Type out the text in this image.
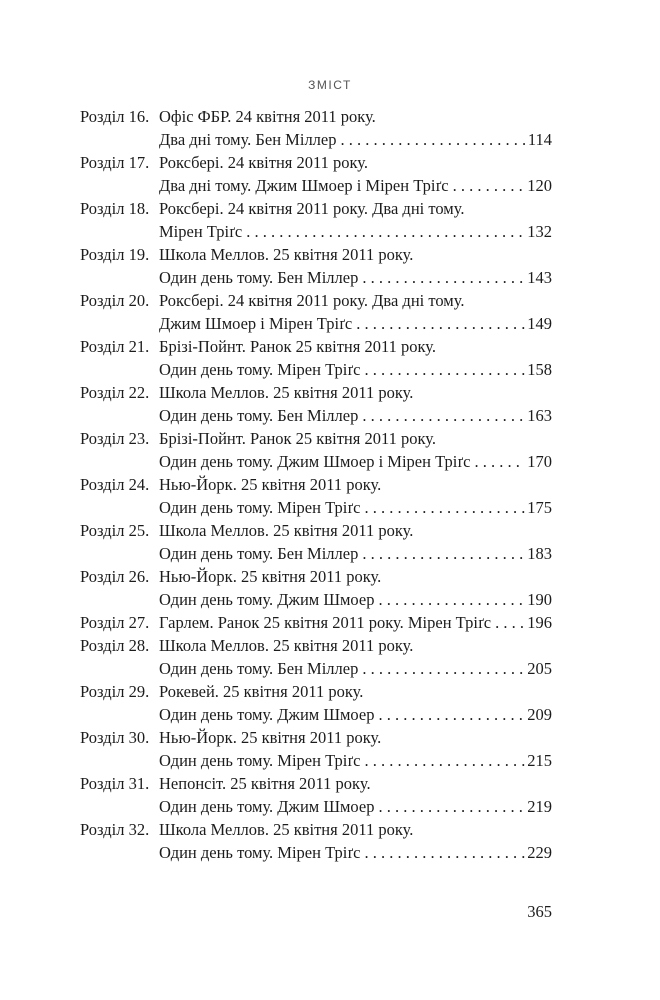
ЗМІСТ
Розділ 16. Офіс ФБР. 24 квітня 2011 року.
Два дні тому. Бен Міллер . . .	114
Розділ 17. Роксбері. 24 квітня 2011 року.
Два дні тому. Джим Шмоер і Мірен Тріґс . . .	120
Розділ 18. Роксбері. 24 квітня 2011 року. Два дні тому.
Мірен Тріґс . . .	132
Розділ 19. Школа Меллов. 25 квітня 2011 року.
Один день тому. Бен Міллер . . .	143
Розділ 20. Роксбері. 24 квітня 2011 року. Два дні тому.
Джим Шмоер і Мірен Тріґс . . .	149
Розділ 21. Брізі-Пойнт. Ранок 25 квітня 2011 року.
Один день тому. Мірен Тріґс . . .	158
Розділ 22. Школа Меллов. 25 квітня 2011 року.
Один день тому. Бен Міллер . . .	163
Розділ 23. Брізі-Пойнт. Ранок 25 квітня 2011 року.
Один день тому. Джим Шмоер і Мірен Тріґс . . .	170
Розділ 24. Нью-Йорк. 25 квітня 2011 року.
Один день тому. Мірен Тріґс . . .	175
Розділ 25. Школа Меллов. 25 квітня 2011 року.
Один день тому. Бен Міллер . . .	183
Розділ 26. Нью-Йорк. 25 квітня 2011 року.
Один день тому. Джим Шмоер . . .	190
Розділ 27. Гарлем. Ранок 25 квітня 2011 року. Мірен Тріґс . . . 196
Розділ 28. Школа Меллов. 25 квітня 2011 року.
Один день тому. Бен Міллер . . .	205
Розділ 29. Рокевей. 25 квітня 2011 року.
Один день тому. Джим Шмоер . . .	209
Розділ 30. Нью-Йорк. 25 квітня 2011 року.
Один день тому. Мірен Тріґс . . .	215
Розділ 31. Непонсіт. 25 квітня 2011 року.
Один день тому. Джим Шмоер . . .	219
Розділ 32. Школа Меллов. 25 квітня 2011 року.
Один день тому. Мірен Тріґс . . .	229
365
